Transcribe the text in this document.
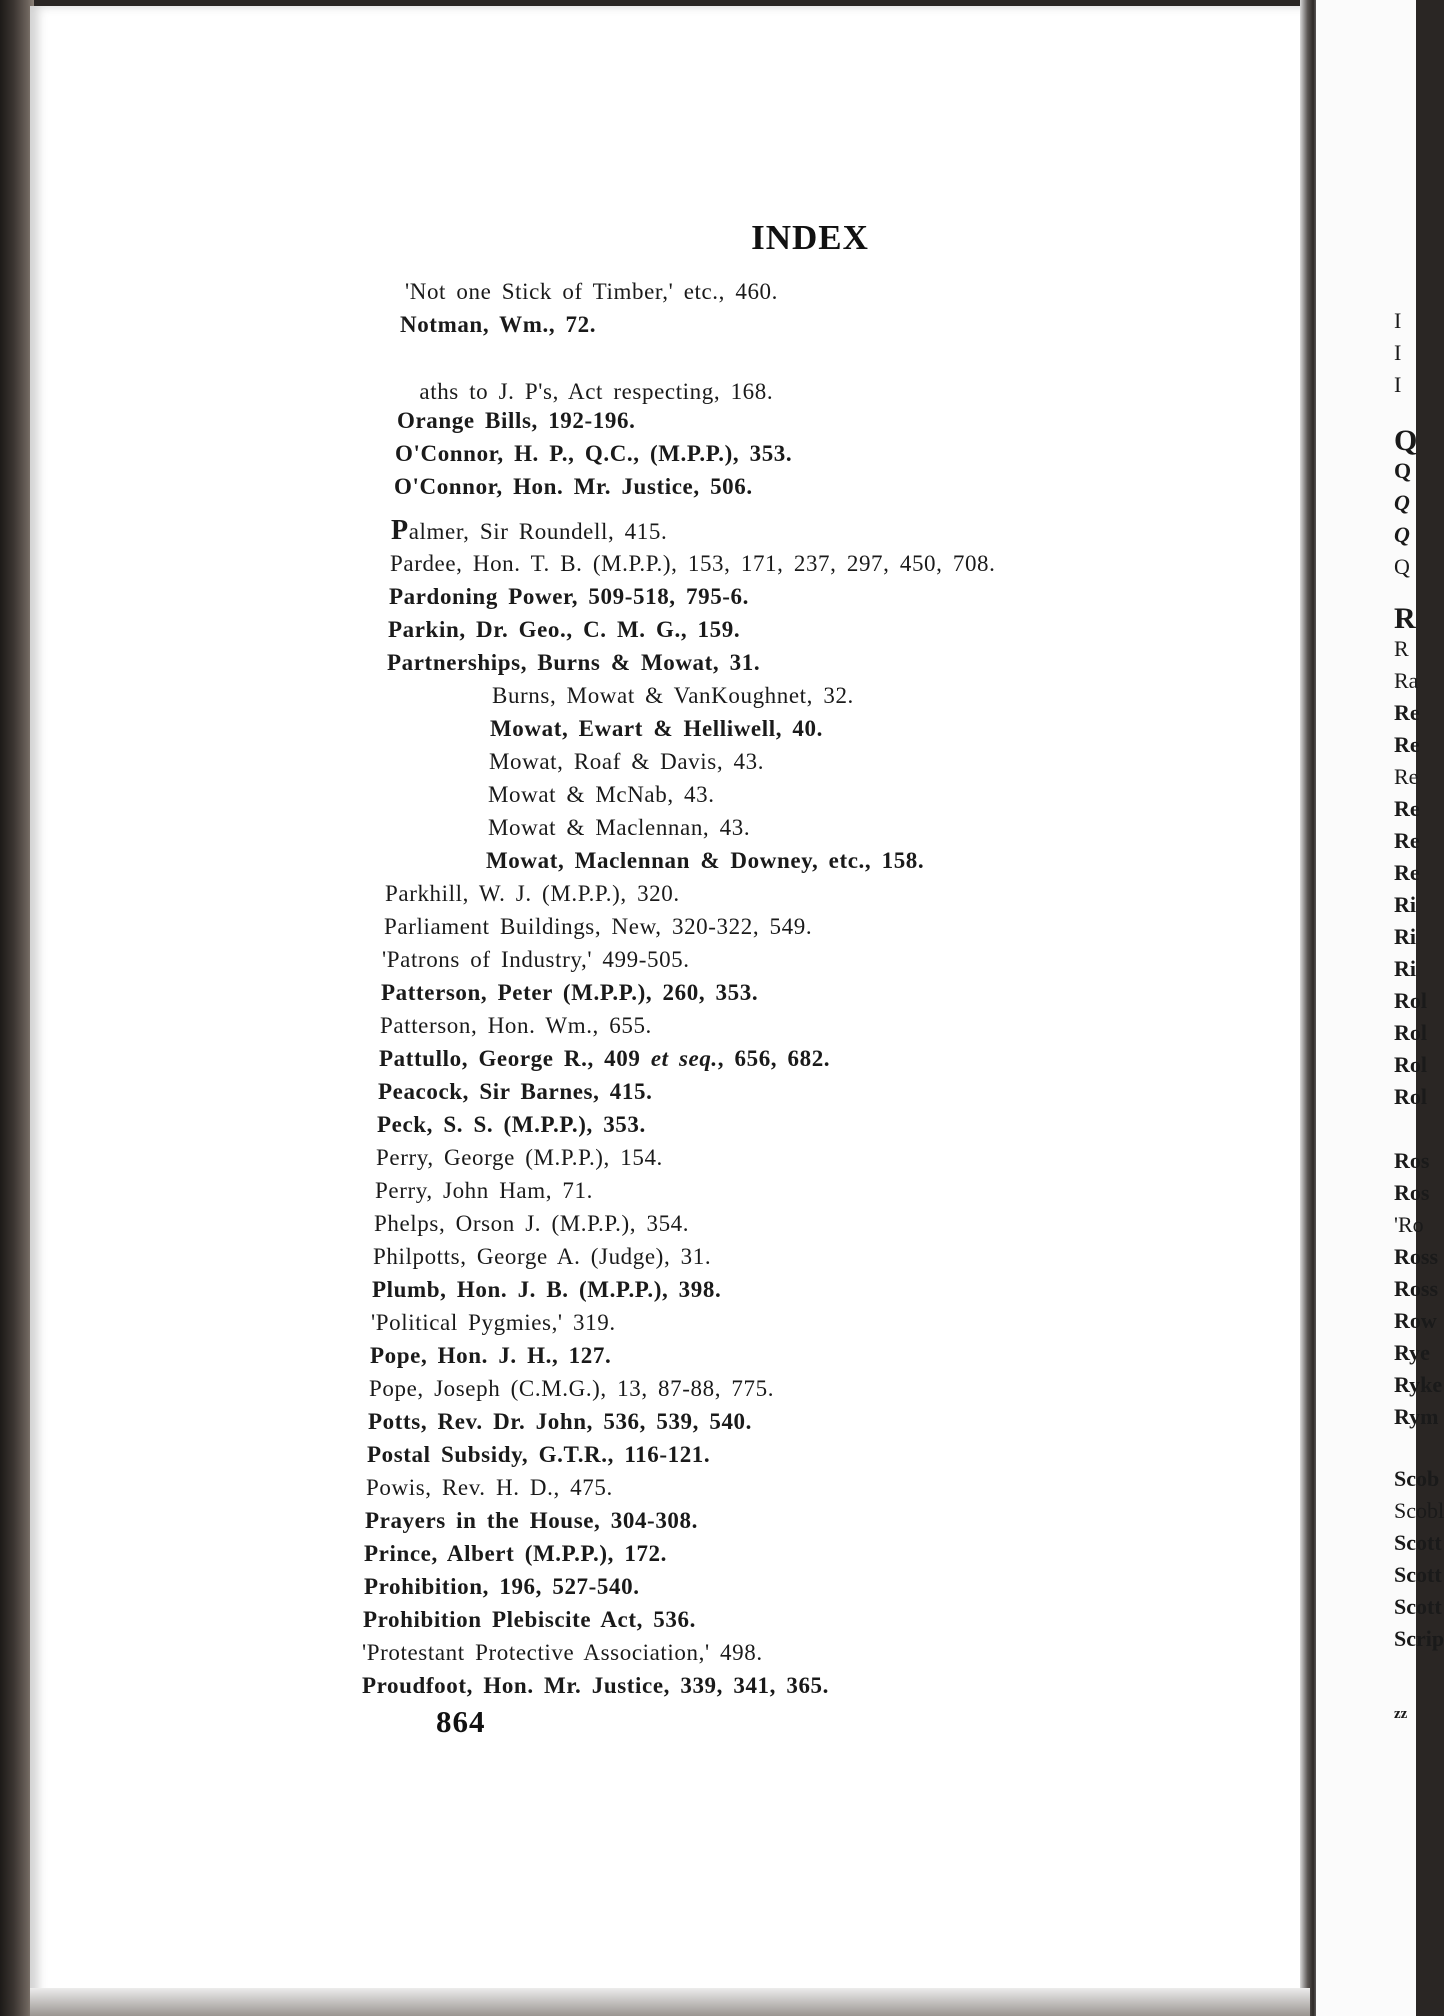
INDEX
'Not one Stick of Timber,' etc., 460.
Notman, Wm., 72.
aths to J. P's, Act respecting, 168.
Orange Bills, 192-196.
O'Connor, H. P., Q.C., (M.P.P.), 353.
O'Connor, Hon. Mr. Justice, 506.
Palmer, Sir Roundell, 415.
Pardee, Hon. T. B. (M.P.P.), 153, 171, 237, 297, 450, 708.
Pardoning Power, 509-518, 795-6.
Parkin, Dr. Geo., C. M. G., 159.
Partnerships, Burns & Mowat, 31.
Burns, Mowat & VanKoughnet, 32.
Mowat, Ewart & Helliwell, 40.
Mowat, Roaf & Davis, 43.
Mowat & McNab, 43.
Mowat & Maclennan, 43.
Mowat, Maclennan & Downey, etc., 158.
Parkhill, W. J. (M.P.P.), 320.
Parliament Buildings, New, 320-322, 549.
'Patrons of Industry,' 499-505.
Patterson, Peter (M.P.P.), 260, 353.
Patterson, Hon. Wm., 655.
Pattullo, George R., 409 et seq., 656, 682.
Peacock, Sir Barnes, 415.
Peck, S. S. (M.P.P.), 353.
Perry, George (M.P.P.), 154.
Perry, John Ham, 71.
Phelps, Orson J. (M.P.P.), 354.
Philpotts, George A. (Judge), 31.
Plumb, Hon. J. B. (M.P.P.), 398.
'Political Pygmies,' 319.
Pope, Hon. J. H., 127.
Pope, Joseph (C.M.G.), 13, 87-88, 775.
Potts, Rev. Dr. John, 536, 539, 540.
Postal Subsidy, G.T.R., 116-121.
Powis, Rev. H. D., 475.
Prayers in the House, 304-308.
Prince, Albert (M.P.P.), 172.
Prohibition, 196, 527-540.
Prohibition Plebiscite Act, 536.
'Protestant Protective Association,' 498.
Proudfoot, Hon. Mr. Justice, 339, 341, 365.
864
I
I
I
Q
Q
Q
Q
Q
R
R
Ra
Re
Re
Re
Re
Re
Re
Ri
Ri
Ri
Rol
Rol
Rol
Rol
Ros
Ros
'Ro
Ross
Ross
Row
Rye
Ryke
Rym
Scob
Scobl
Scott
Scott
Scott
Scrip
zz
